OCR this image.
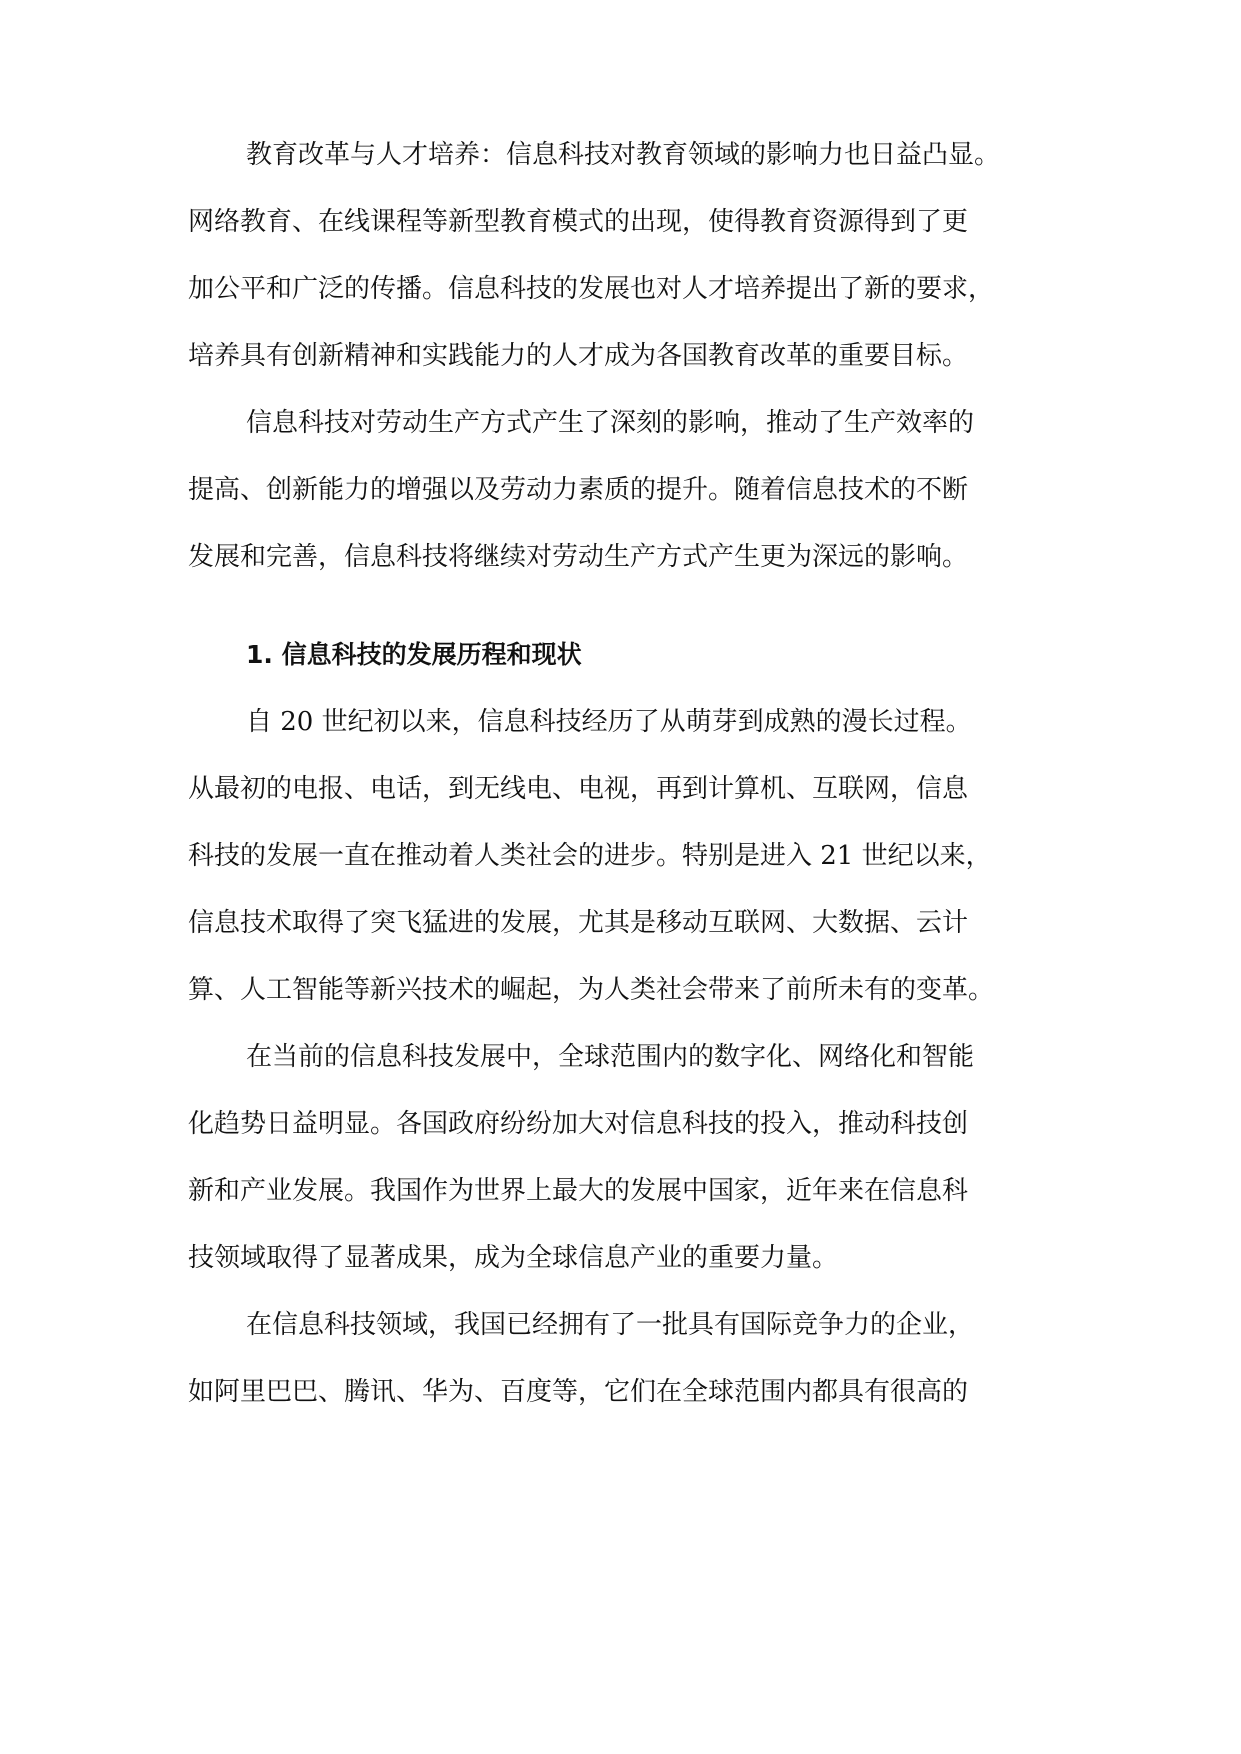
教育改革与人才培养：信息科技对教育领域的影响力也日益凸显。

网络教育、在线课程等新型教育模式的出现，使得教育资源得到了更

加公平和广泛的传播。信息科技的发展也对人才培养提出了新的要求，

培养具有创新精神和实践能力的人才成为各国教育改革的重要目标。

信息科技对劳动生产方式产生了深刻的影响，推动了生产效率的

提高、创新能力的增强以及劳动力素质的提升。随着信息技术的不断

发展和完善，信息科技将继续对劳动生产方式产生更为深远的影响。

1. 信息科技的发展历程和现状

自 20 世纪初以来，信息科技经历了从萌芽到成熟的漫长过程。

从最初的电报、电话，到无线电、电视，再到计算机、互联网，信息

科技的发展一直在推动着人类社会的进步。特别是进入 21 世纪以来，

信息技术取得了突飞猛进的发展，尤其是移动互联网、大数据、云计

算、人工智能等新兴技术的崛起，为人类社会带来了前所未有的变革。

在当前的信息科技发展中，全球范围内的数字化、网络化和智能

化趋势日益明显。各国政府纷纷加大对信息科技的投入，推动科技创

新和产业发展。我国作为世界上最大的发展中国家，近年来在信息科

技领域取得了显著成果，成为全球信息产业的重要力量。

在信息科技领域，我国已经拥有了一批具有国际竞争力的企业，

如阿里巴巴、腾讯、华为、百度等，它们在全球范围内都具有很高的
